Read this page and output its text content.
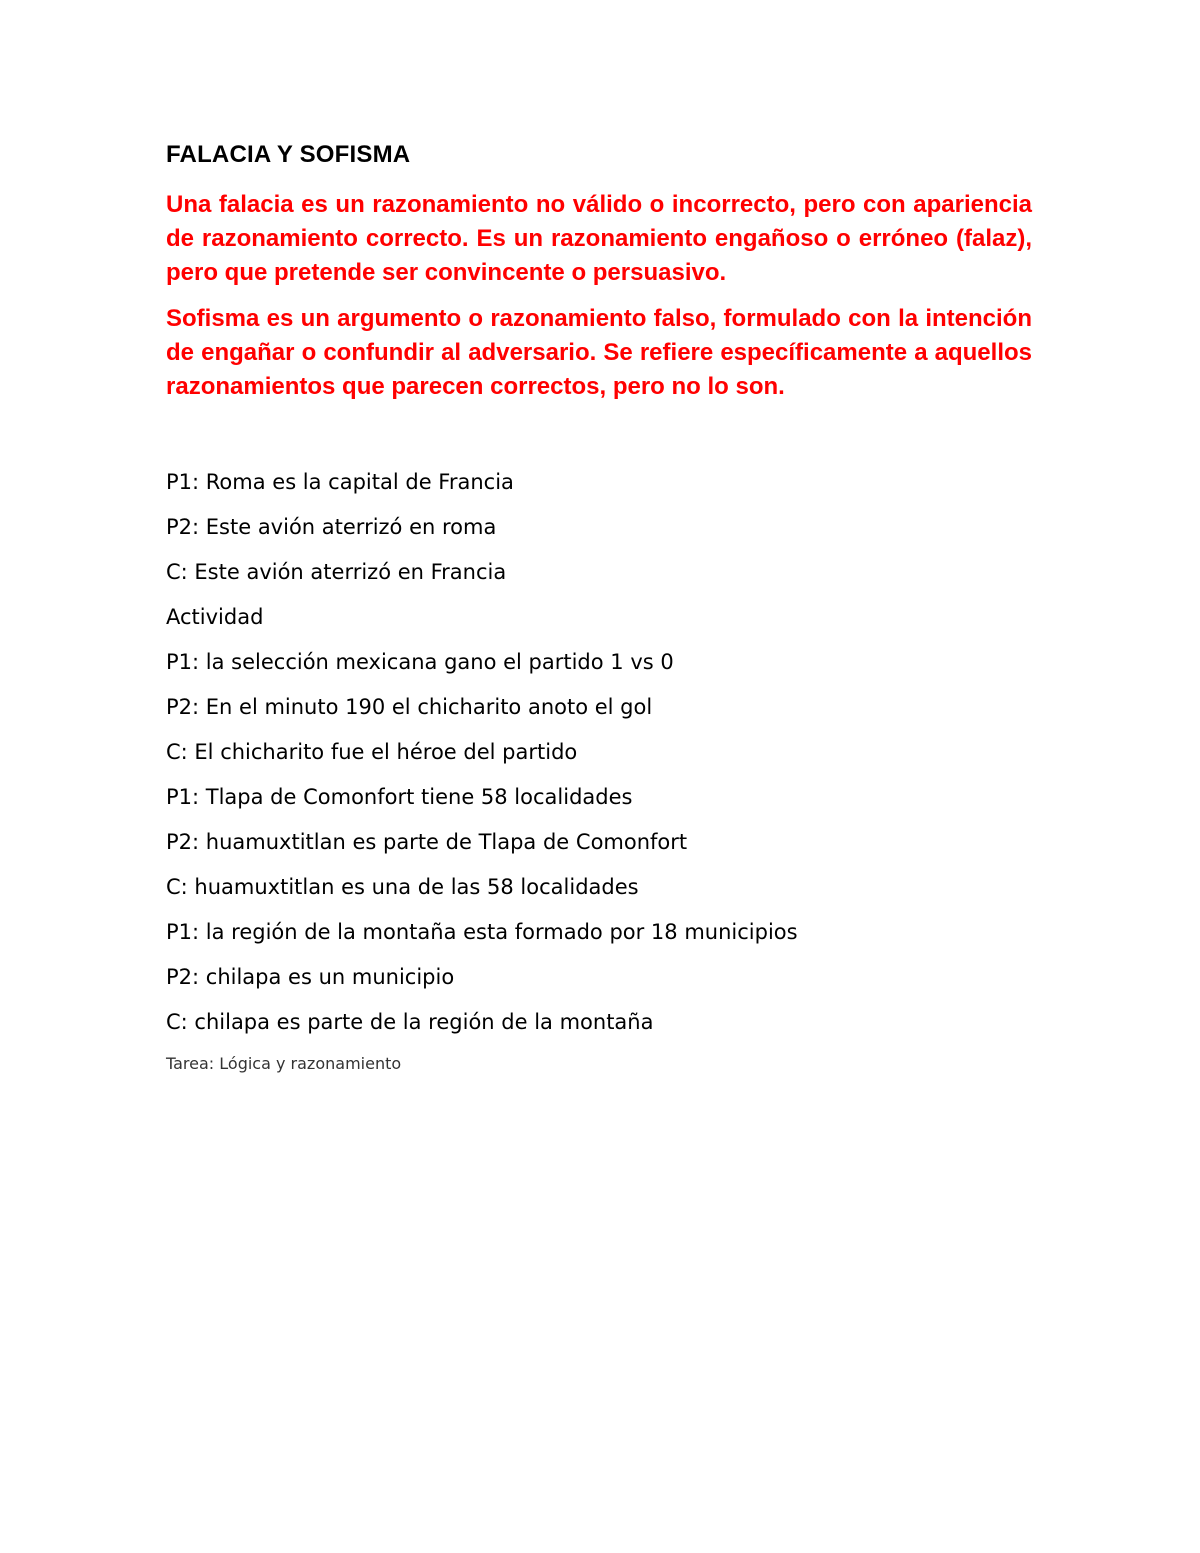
FALACIA Y SOFISMA

Una falacia es un razonamiento no válido o incorrecto, pero con apariencia de razonamiento correcto. Es un razonamiento engañoso o erróneo (falaz), pero que pretende ser convincente o persuasivo.

Sofisma es un argumento o razonamiento falso, formulado con la intención de engañar o confundir al adversario. Se refiere específicamente a aquellos razonamientos que parecen correctos, pero no lo son.

P1: Roma es la capital de Francia
P2: Este avión aterrizó en roma
C: Este avión aterrizó en Francia
Actividad
P1: la selección mexicana gano el partido 1 vs 0
P2: En el minuto 190 el chicharito anoto el gol
C: El chicharito fue el héroe del partido
P1: Tlapa de Comonfort tiene 58 localidades
P2: huamuxtitlan es parte de Tlapa de Comonfort
C: huamuxtitlan es una de las 58 localidades
P1: la región de la montaña esta formado por 18 municipios
P2: chilapa es un municipio
C: chilapa es parte de la región de la montaña
Tarea: Lógica y razonamiento
